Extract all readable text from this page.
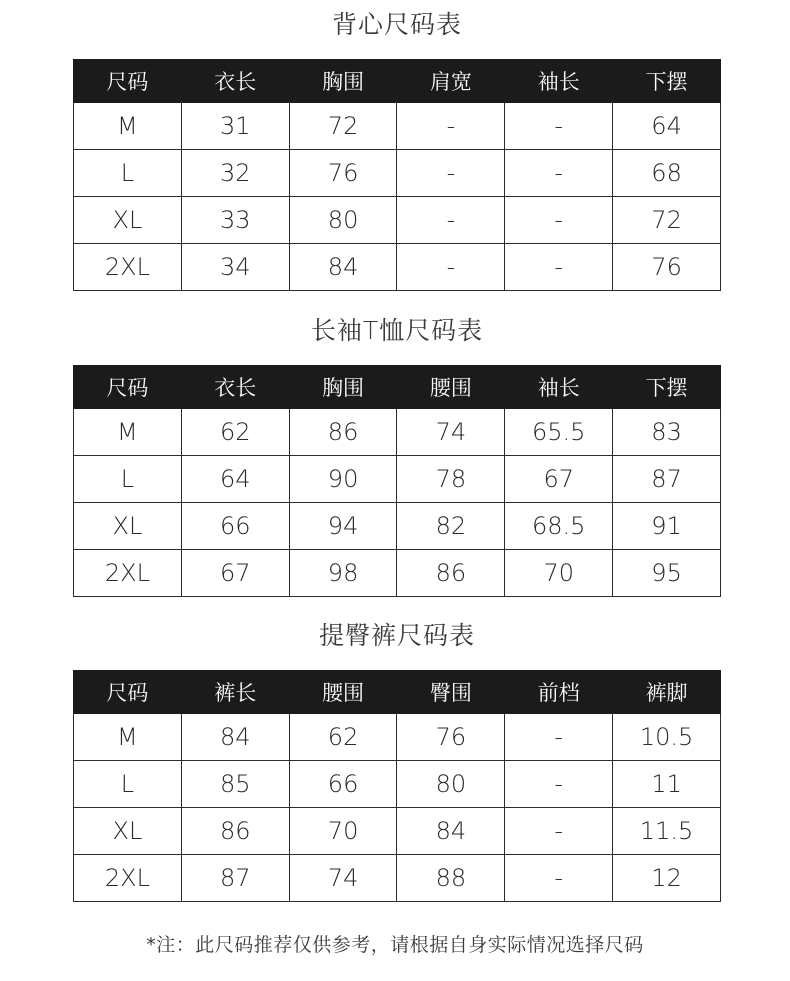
背心尺码表
尺码	衣长	胸围	肩宽	袖长	下摆
M	31	72	-	-	64
L	32	76	-	-	68
XL	33	80	-	-	72
2XL	34	84	-	-	76
长袖T恤尺码表
尺码	衣长	胸围	腰围	袖长	下摆
M	62	86	74	65.5	83
L	64	90	78	67	87
XL	66	94	82	68.5	91
2XL	67	98	86	70	95
提臀裤尺码表
尺码	裤长	腰围	臀围	前档	裤脚
M	84	62	76	-	10.5
L	85	66	80	-	11
XL	86	70	84	-	11.5
2XL	87	74	88	-	12
*注：此尺码推荐仅供参考，请根据自身实际情况选择尺码
